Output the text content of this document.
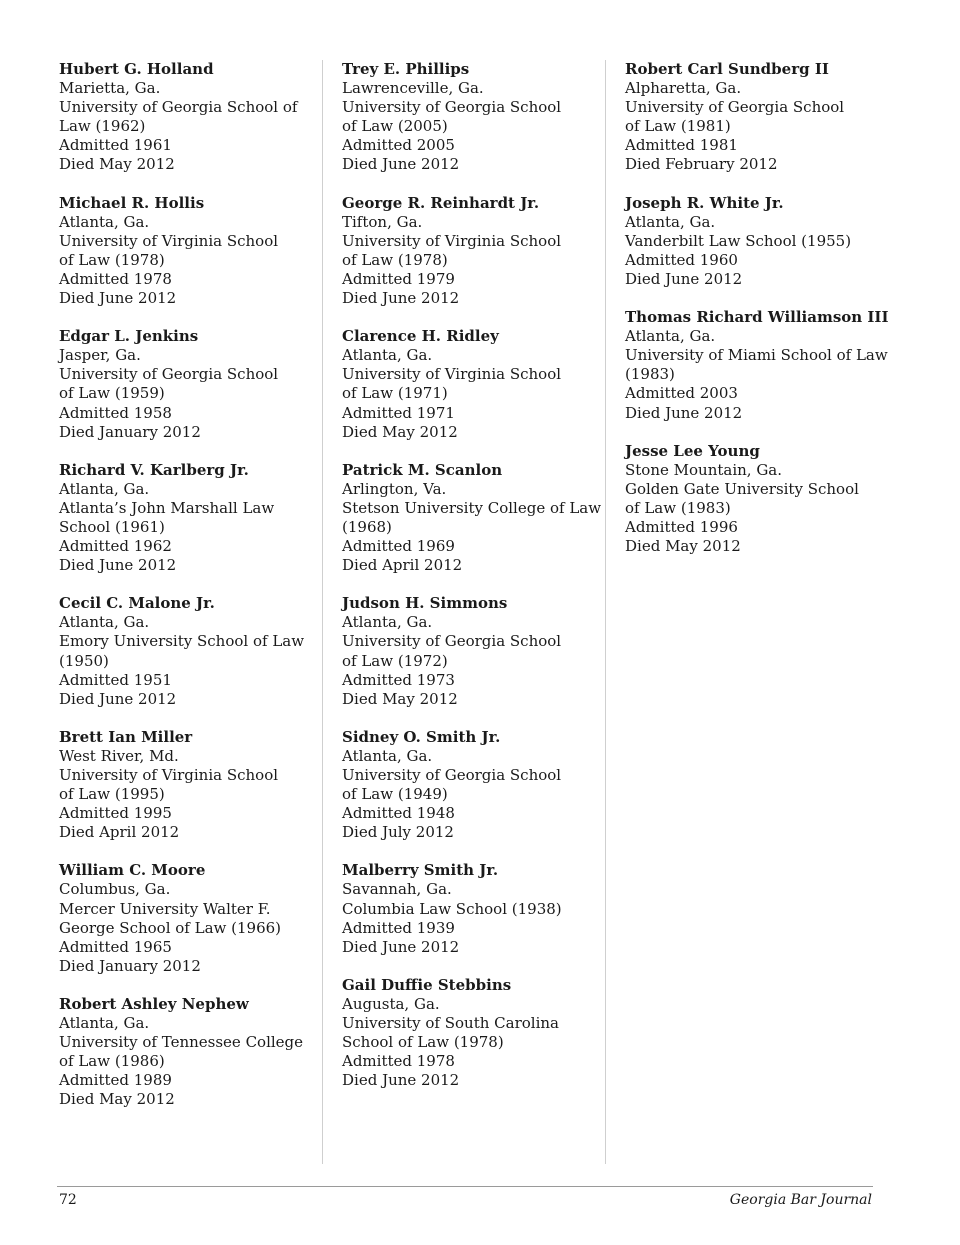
Hubert G. Holland
Marietta, Ga.
University of Georgia School of
Law (1962)
Admitted 1961
Died May 2012
Michael R. Hollis
Atlanta, Ga.
University of Virginia School
of Law (1978)
Admitted 1978
Died June 2012
Edgar L. Jenkins
Jasper, Ga.
University of Georgia School
of Law (1959)
Admitted 1958
Died January 2012
Richard V. Karlberg Jr.
Atlanta, Ga.
Atlanta’s John Marshall Law
School (1961)
Admitted 1962
Died June 2012
Cecil C. Malone Jr.
Atlanta, Ga.
Emory University School of Law
(1950)
Admitted 1951
Died June 2012
Brett Ian Miller
West River, Md.
University of Virginia School
of Law (1995)
Admitted 1995
Died April 2012
William C. Moore
Columbus, Ga.
Mercer University Walter F.
George School of Law (1966)
Admitted 1965
Died January 2012
Robert Ashley Nephew
Atlanta, Ga.
University of Tennessee College
of Law (1986)
Admitted 1989
Died May 2012
Trey E. Phillips
Lawrenceville, Ga.
University of Georgia School
of Law (2005)
Admitted 2005
Died June 2012
George R. Reinhardt Jr.
Tifton, Ga.
University of Virginia School
of Law (1978)
Admitted 1979
Died June 2012
Clarence H. Ridley
Atlanta, Ga.
University of Virginia School
of Law (1971)
Admitted 1971
Died May 2012
Patrick M. Scanlon
Arlington, Va.
Stetson University College of Law
(1968)
Admitted 1969
Died April 2012
Judson H. Simmons
Atlanta, Ga.
University of Georgia School
of Law (1972)
Admitted 1973
Died May 2012
Sidney O. Smith Jr.
Atlanta, Ga.
University of Georgia School
of Law (1949)
Admitted 1948
Died July 2012
Malberry Smith Jr.
Savannah, Ga.
Columbia Law School (1938)
Admitted 1939
Died June 2012
Gail Duffie Stebbins
Augusta, Ga.
University of South Carolina
School of Law (1978)
Admitted 1978
Died June 2012
Robert Carl Sundberg II
Alpharetta, Ga.
University of Georgia School
of Law (1981)
Admitted 1981
Died February 2012
Joseph R. White Jr.
Atlanta, Ga.
Vanderbilt Law School (1955)
Admitted 1960
Died June 2012
Thomas Richard Williamson III
Atlanta, Ga.
University of Miami School of Law
(1983)
Admitted 2003
Died June 2012
Jesse Lee Young
Stone Mountain, Ga.
Golden Gate University School
of Law (1983)
Admitted 1996
Died May 2012
72	Georgia Bar Journal
